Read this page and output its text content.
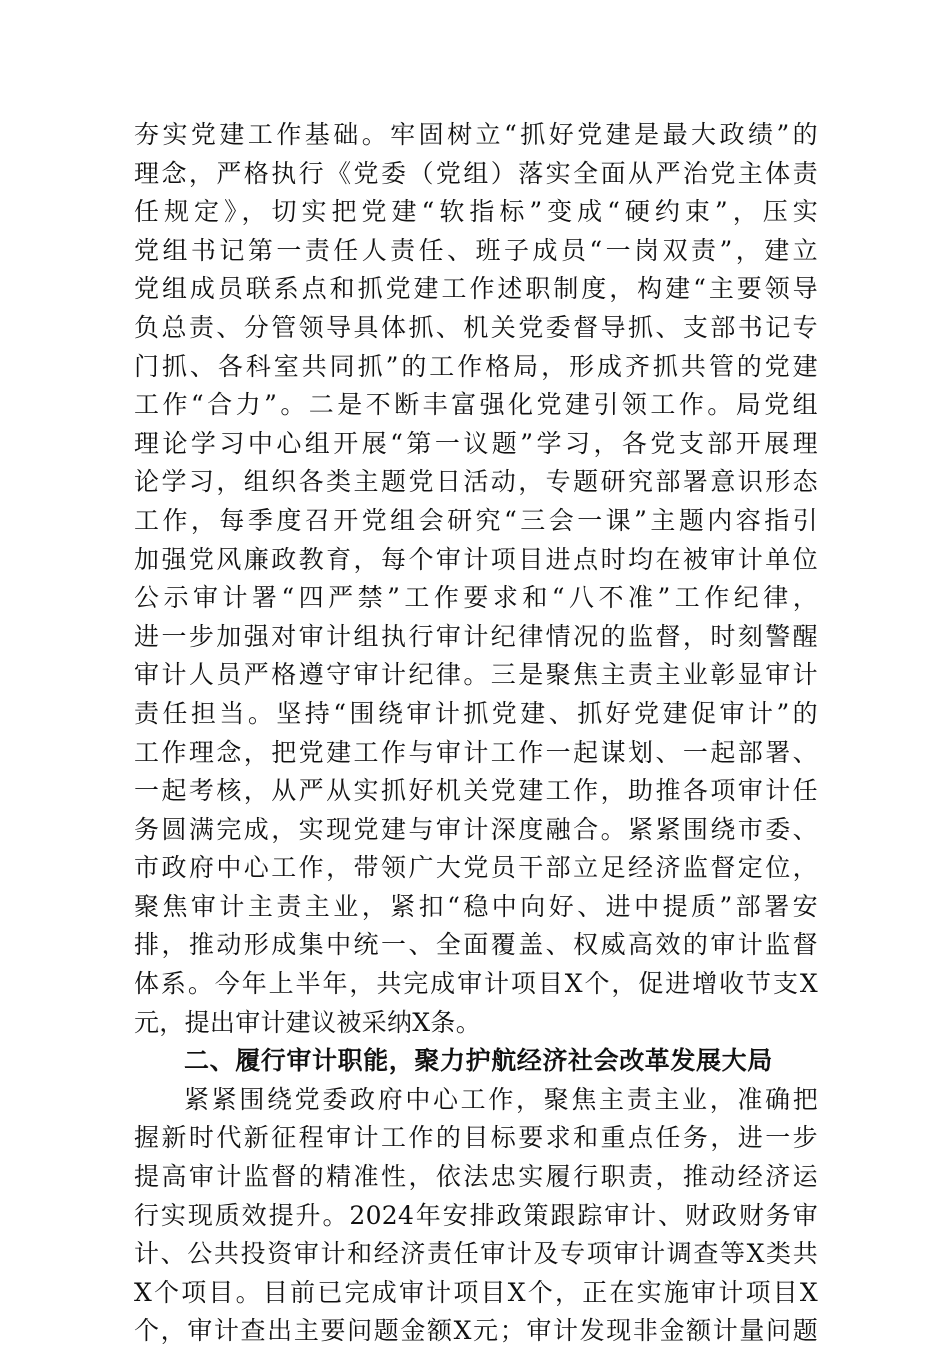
夯实党建工作基础。牢固树立“抓好党建是最大政绩”的
理念，严格执行《党委（党组）落实全面从严治党主体责
任规定》，切实把党建“软指标”变成“硬约束”，压实
党组书记第一责任人责任、班子成员“一岗双责”，建立
党组成员联系点和抓党建工作述职制度，构建“主要领导
负总责、分管领导具体抓、机关党委督导抓、支部书记专
门抓、各科室共同抓”的工作格局，形成齐抓共管的党建
工作“合力”。二是不断丰富强化党建引领工作。局党组
理论学习中心组开展“第一议题”学习，各党支部开展理
论学习，组织各类主题党日活动，专题研究部署意识形态
工作，每季度召开党组会研究“三会一课”主题内容指引
加强党风廉政教育，每个审计项目进点时均在被审计单位
公示审计署“四严禁”工作要求和“八不准”工作纪律，
进一步加强对审计组执行审计纪律情况的监督，时刻警醒
审计人员严格遵守审计纪律。三是聚焦主责主业彰显审计
责任担当。坚持“围绕审计抓党建、抓好党建促审计”的
工作理念，把党建工作与审计工作一起谋划、一起部署、
一起考核，从严从实抓好机关党建工作，助推各项审计任
务圆满完成，实现党建与审计深度融合。紧紧围绕市委、
市政府中心工作，带领广大党员干部立足经济监督定位，
聚焦审计主责主业，紧扣“稳中向好、进中提质”部署安
排，推动形成集中统一、全面覆盖、权威高效的审计监督
体系。今年上半年，共完成审计项目X个，促进增收节支X
元，提出审计建议被采纳X条。
二、履行审计职能，聚力护航经济社会改革发展大局
紧紧围绕党委政府中心工作，聚焦主责主业，准确把
握新时代新征程审计工作的目标要求和重点任务，进一步
提高审计监督的精准性，依法忠实履行职责，推动经济运
行实现质效提升。2024年安排政策跟踪审计、财政财务审
计、公共投资审计和经济责任审计及专项审计调查等X类共
X个项目。目前已完成审计项目X个，正在实施审计项目X
个，审计查出主要问题金额X元；审计发现非金额计量问题
